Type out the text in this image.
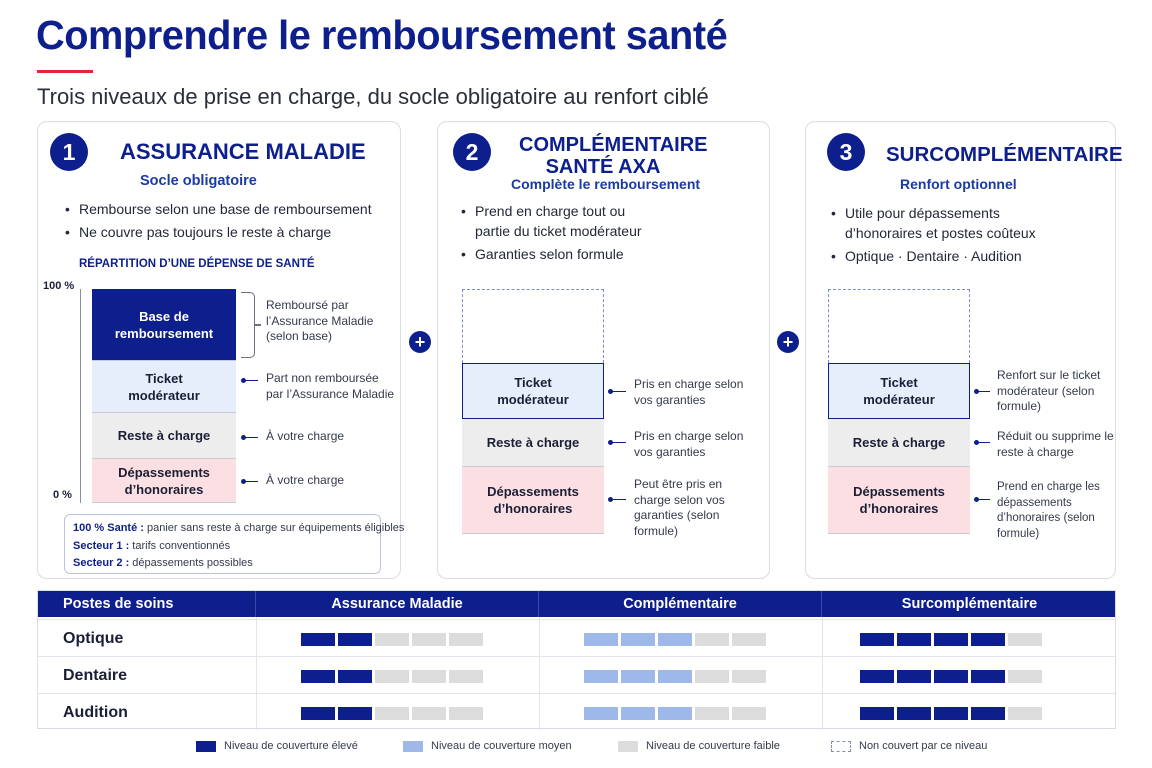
Comprendre le remboursement santé
Trois niveaux de prise en charge, du socle obligatoire au renfort ciblé
1	ASSURANCE MALADIE
Socle obligatoire
• Rembourse selon une base de remboursement
• Ne couvre pas toujours le reste à charge
RÉPARTITION D’UNE DÉPENSE DE SANTÉ
100 %
0 %
Base de remboursement
Ticket modérateur
Reste à charge
Dépassements d’honoraires
Remboursé par l’Assurance Maladie (selon base)
Part non remboursée par l’Assurance Maladie
À votre charge
À votre charge
100 % Santé : panier sans reste à charge sur équipements éligibles
Secteur 1 : tarifs conventionnés
Secteur 2 : dépassements possibles
+
2	COMPLÉMENTAIRE
SANTÉ AXA
Complète le remboursement
• Prend en charge tout ou partie du ticket modérateur
• Garanties selon formule
Ticket modérateur
Reste à charge
Dépassements d’honoraires
Pris en charge selon vos garanties
Pris en charge selon vos garanties
Peut être pris en charge selon vos garanties (selon formule)
+
3	SURCOMPLÉMENTAIRE
Renfort optionnel
• Utile pour dépassements d’honoraires et postes coûteux
• Optique · Dentaire · Audition
Ticket modérateur
Reste à charge
Dépassements d’honoraires
Renfort sur le ticket modérateur (selon formule)
Réduit ou supprime le reste à charge
Prend en charge les dépassements d’honoraires (selon formule)
Postes de soins	Assurance Maladie	Complémentaire	Surcomplémentaire
Optique
Dentaire
Audition
Niveau de couverture élevé	Niveau de couverture moyen	Niveau de couverture faible	Non couvert par ce niveau
